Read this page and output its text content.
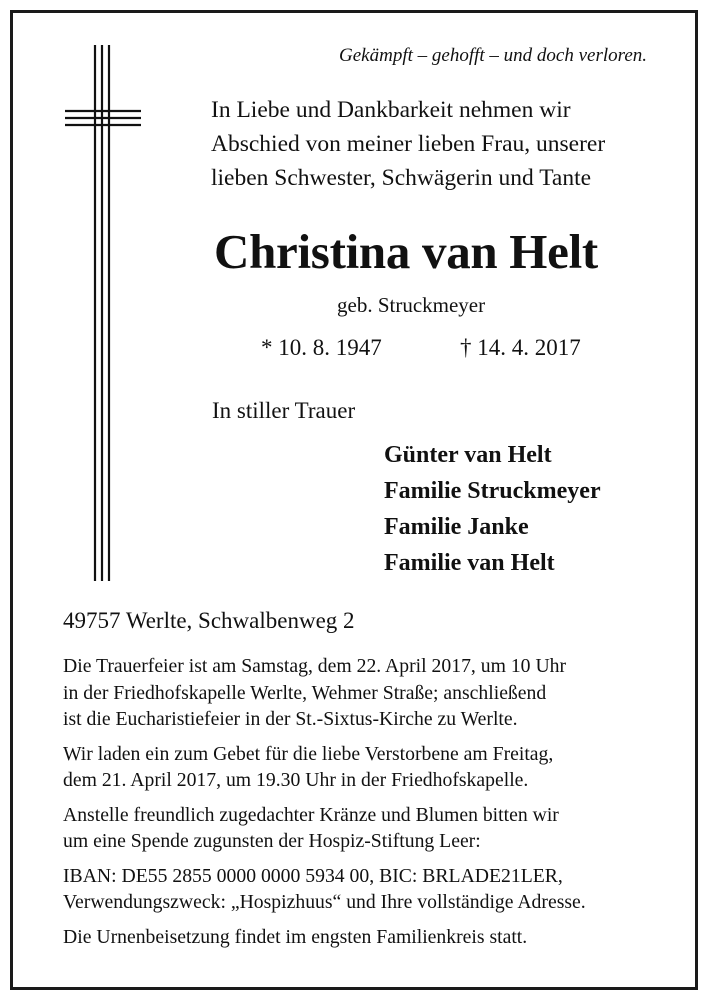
Gekämpft – gehofft – und doch verloren.
In Liebe und Dankbarkeit nehmen wir
Abschied von meiner lieben Frau, unserer
lieben Schwester, Schwägerin und Tante
Christina van Helt
geb. Struckmeyer
* 10. 8. 1947	† 14. 4. 2017
In stiller Trauer
Günter van Helt
Familie Struckmeyer
Familie Janke
Familie van Helt
49757 Werlte, Schwalbenweg 2
Die Trauerfeier ist am Samstag, dem 22. April 2017, um 10 Uhr
in der Friedhofskapelle Werlte, Wehmer Straße; anschließend
ist die Eucharistiefeier in der St.-Sixtus-Kirche zu Werlte.
Wir laden ein zum Gebet für die liebe Verstorbene am Freitag,
dem 21. April 2017, um 19.30 Uhr in der Friedhofskapelle.
Anstelle freundlich zugedachter Kränze und Blumen bitten wir
um eine Spende zugunsten der Hospiz-Stiftung Leer:
IBAN: DE55 2855 0000 0000 5934 00, BIC: BRLADE21LER,
Verwendungszweck: „Hospizhuus“ und Ihre vollständige Adresse.
Die Urnenbeisetzung findet im engsten Familienkreis statt.
